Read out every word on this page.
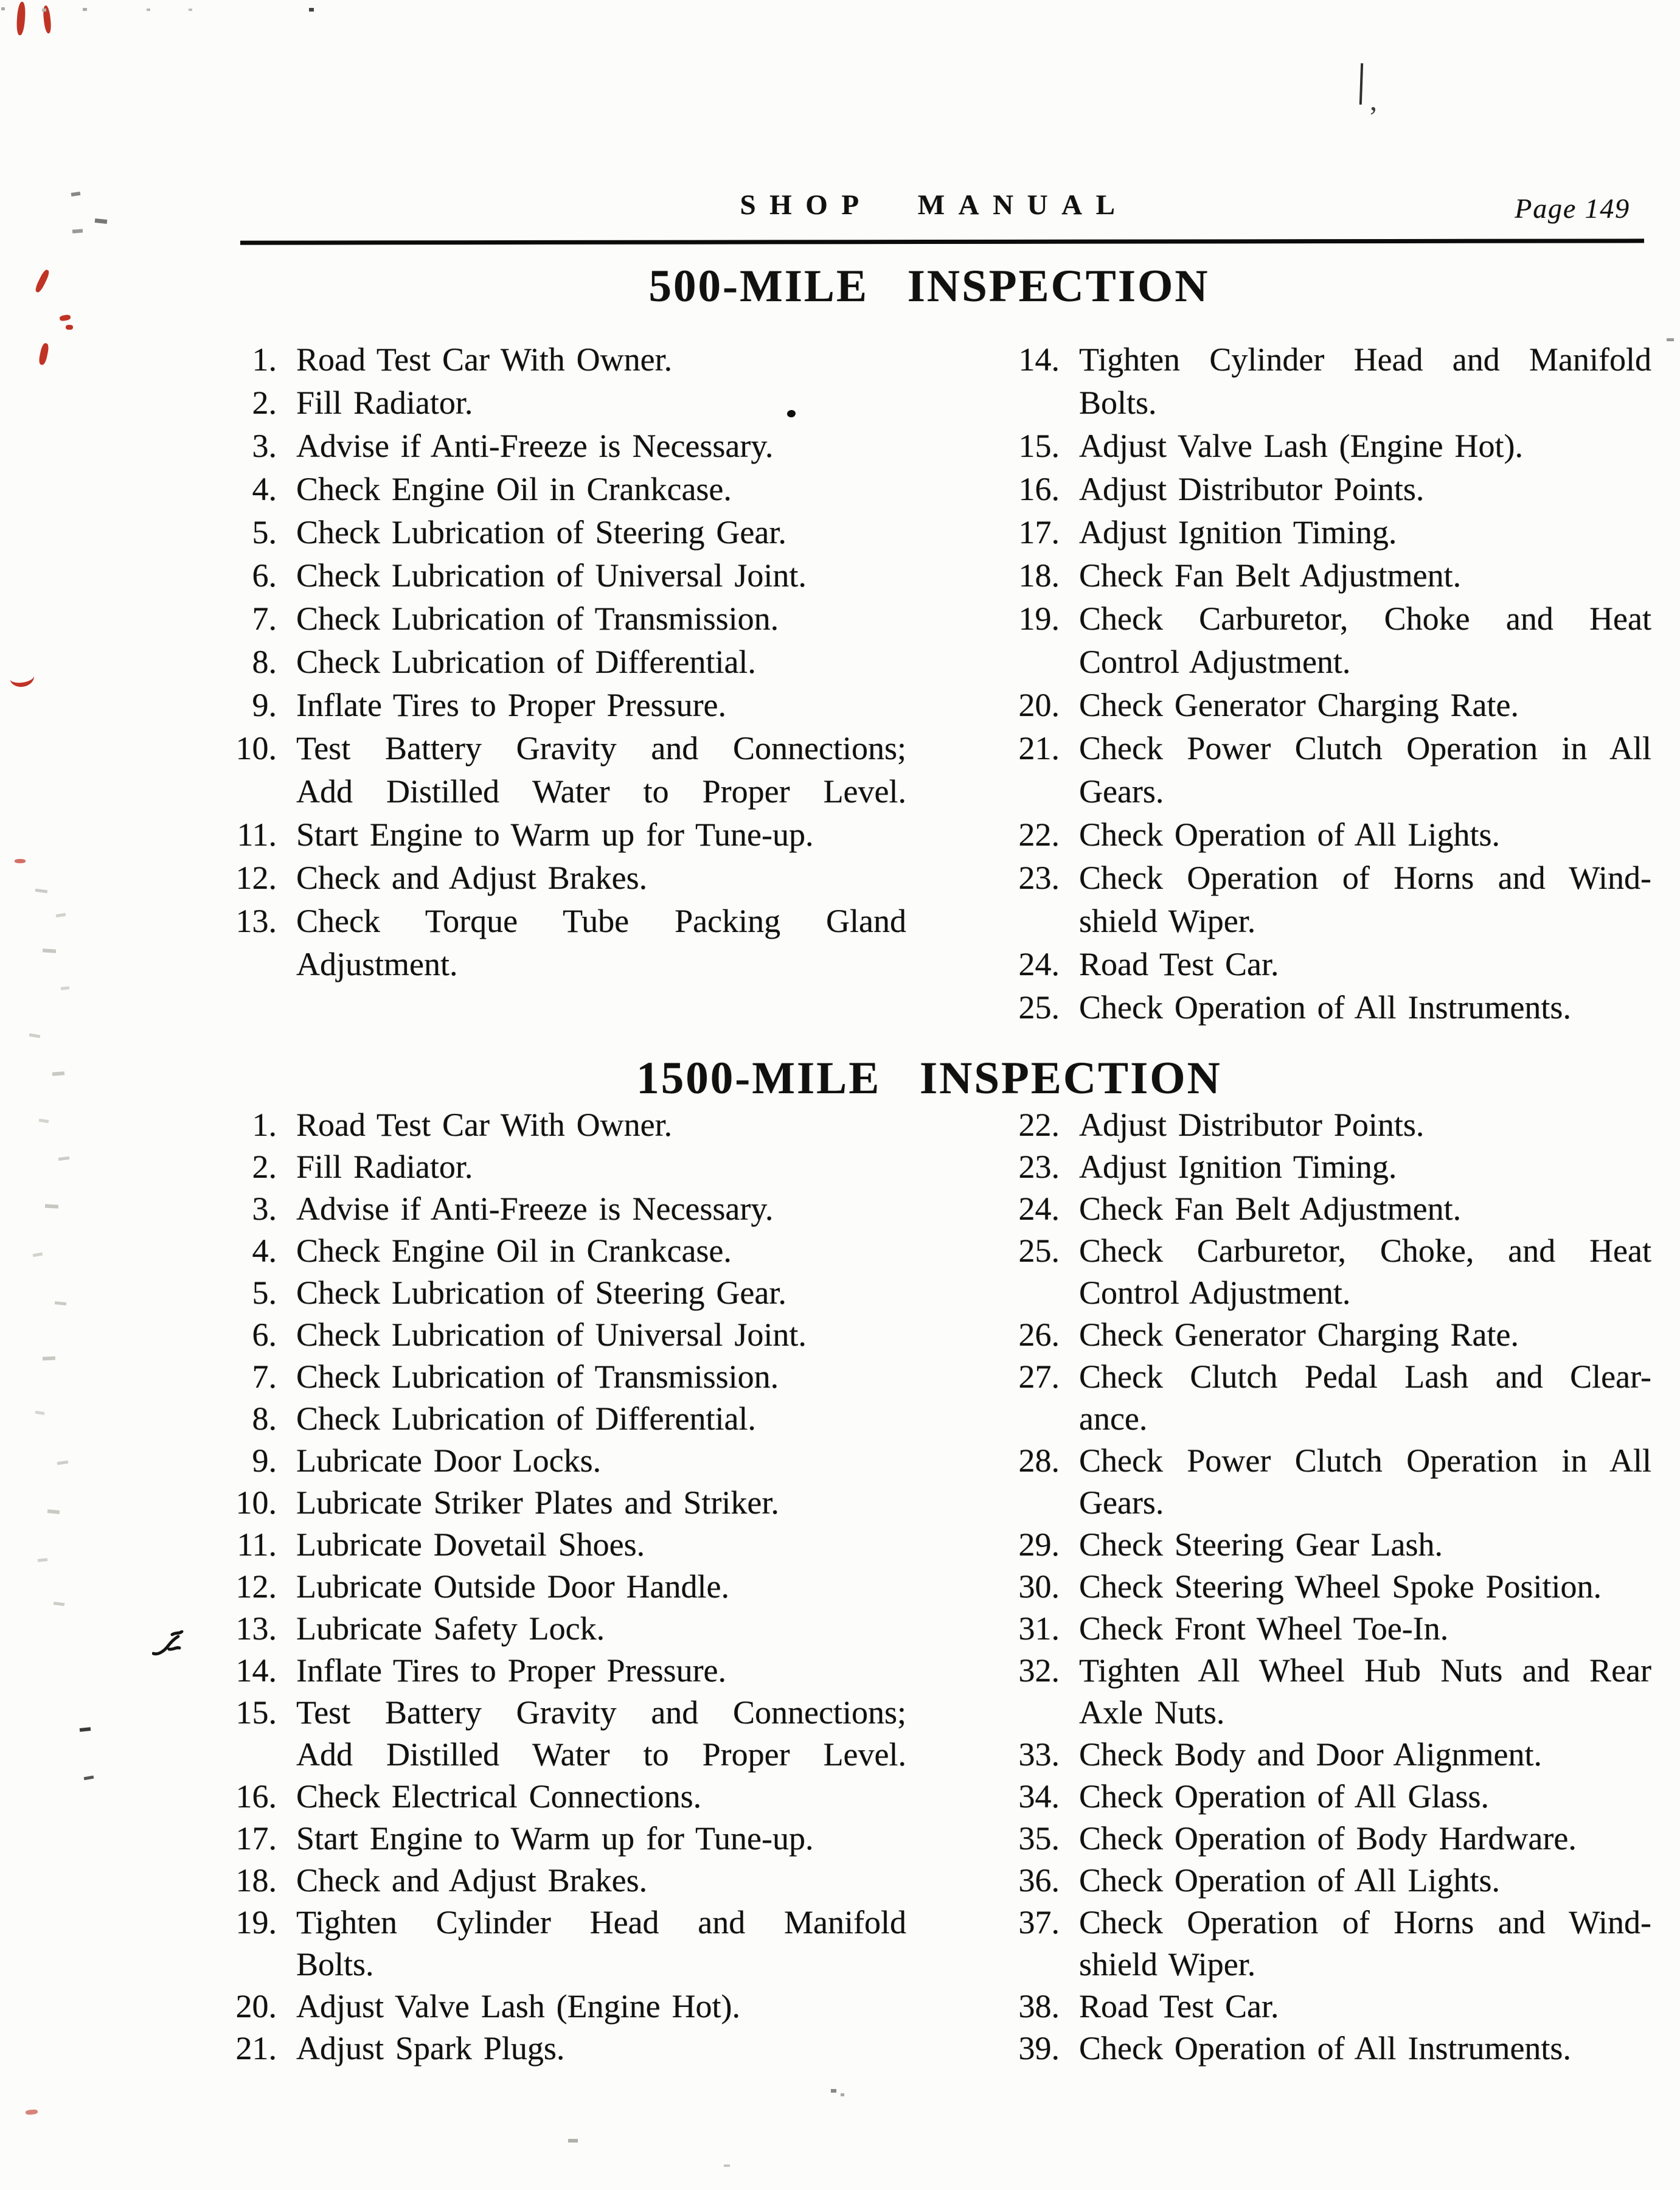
SHOP MANUAL	Page 149
500-MILE INSPECTION
1. Road Test Car With Owner.
2. Fill Radiator.
3. Advise if Anti-Freeze is Necessary.
4. Check Engine Oil in Crankcase.
5. Check Lubrication of Steering Gear.
6. Check Lubrication of Universal Joint.
7. Check Lubrication of Transmission.
8. Check Lubrication of Differential.
9. Inflate Tires to Proper Pressure.
10. Test Battery Gravity and Connections;
Add Distilled Water to Proper Level.
11. Start Engine to Warm up for Tune-up.
12. Check and Adjust Brakes.
13. Check Torque Tube Packing Gland
Adjustment.
14. Tighten Cylinder Head and Manifold
Bolts.
15. Adjust Valve Lash (Engine Hot).
16. Adjust Distributor Points.
17. Adjust Ignition Timing.
18. Check Fan Belt Adjustment.
19. Check Carburetor, Choke and Heat
Control Adjustment.
20. Check Generator Charging Rate.
21. Check Power Clutch Operation in All
Gears.
22. Check Operation of All Lights.
23. Check Operation of Horns and Wind-
shield Wiper.
24. Road Test Car.
25. Check Operation of All Instruments.
1500-MILE INSPECTION
1. Road Test Car With Owner.
2. Fill Radiator.
3. Advise if Anti-Freeze is Necessary.
4. Check Engine Oil in Crankcase.
5. Check Lubrication of Steering Gear.
6. Check Lubrication of Universal Joint.
7. Check Lubrication of Transmission.
8. Check Lubrication of Differential.
9. Lubricate Door Locks.
10. Lubricate Striker Plates and Striker.
11. Lubricate Dovetail Shoes.
12. Lubricate Outside Door Handle.
13. Lubricate Safety Lock.
14. Inflate Tires to Proper Pressure.
15. Test Battery Gravity and Connections;
Add Distilled Water to Proper Level.
16. Check Electrical Connections.
17. Start Engine to Warm up for Tune-up.
18. Check and Adjust Brakes.
19. Tighten Cylinder Head and Manifold
Bolts.
20. Adjust Valve Lash (Engine Hot).
21. Adjust Spark Plugs.
22. Adjust Distributor Points.
23. Adjust Ignition Timing.
24. Check Fan Belt Adjustment.
25. Check Carburetor, Choke, and Heat
Control Adjustment.
26. Check Generator Charging Rate.
27. Check Clutch Pedal Lash and Clear-
ance.
28. Check Power Clutch Operation in All
Gears.
29. Check Steering Gear Lash.
30. Check Steering Wheel Spoke Position.
31. Check Front Wheel Toe-In.
32. Tighten All Wheel Hub Nuts and Rear
Axle Nuts.
33. Check Body and Door Alignment.
34. Check Operation of All Glass.
35. Check Operation of Body Hardware.
36. Check Operation of All Lights.
37. Check Operation of Horns and Wind-
shield Wiper.
38. Road Test Car.
39. Check Operation of All Instruments.
,
